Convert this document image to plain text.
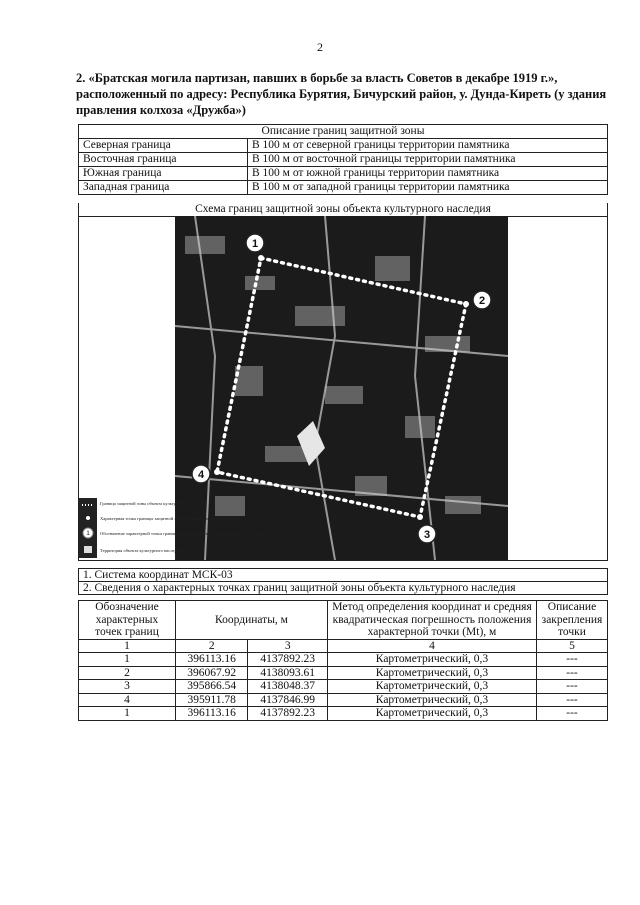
2
2. «Братская могила партизан, павших в борьбе за власть Советов в декабре 1919 г.», расположенный по адресу: Республика Бурятия, Бичурский район, у. Дунда-Киреть (у здания правления колхоза «Дружба»)
Описание границ защитной зоны	
Северная граница	В 100 м от северной границы территории памятника
Восточная граница	В 100 м от восточной границы территории памятника
Южная граница	В 100 м от южной границы территории памятника
Западная граница	В 100 м от западной границы территории памятника
Схема границ защитной зоны объекта культурного наследия
1
2
3
4
1
Граница защитной зоны объекта культурного наследия
Характерная точка границы защитной зоны объекта культурного наследия
Обозначение характерной точки границы защитной зоны объекта культурного наследия
Территория объекта культурного наследия
1. Система координат МСК-03
2. Сведения о характерных точках границ защитной зоны объекта культурного наследия
Обозначение характерных точек границ	Координаты, м		Метод определения координат и средняя квадратическая погрешность положения характерной точки (Mt), м	Описание закрепления точки
1	2	3	4	5
1	396113.16	4137892.23	Картометрический, 0,3	---
2	396067.92	4138093.61	Картометрический, 0,3	---
3	395866.54	4138048.37	Картометрический, 0,3	---
4	395911.78	4137846.99	Картометрический, 0,3	---
1	396113.16	4137892.23	Картометрический, 0,3	---
